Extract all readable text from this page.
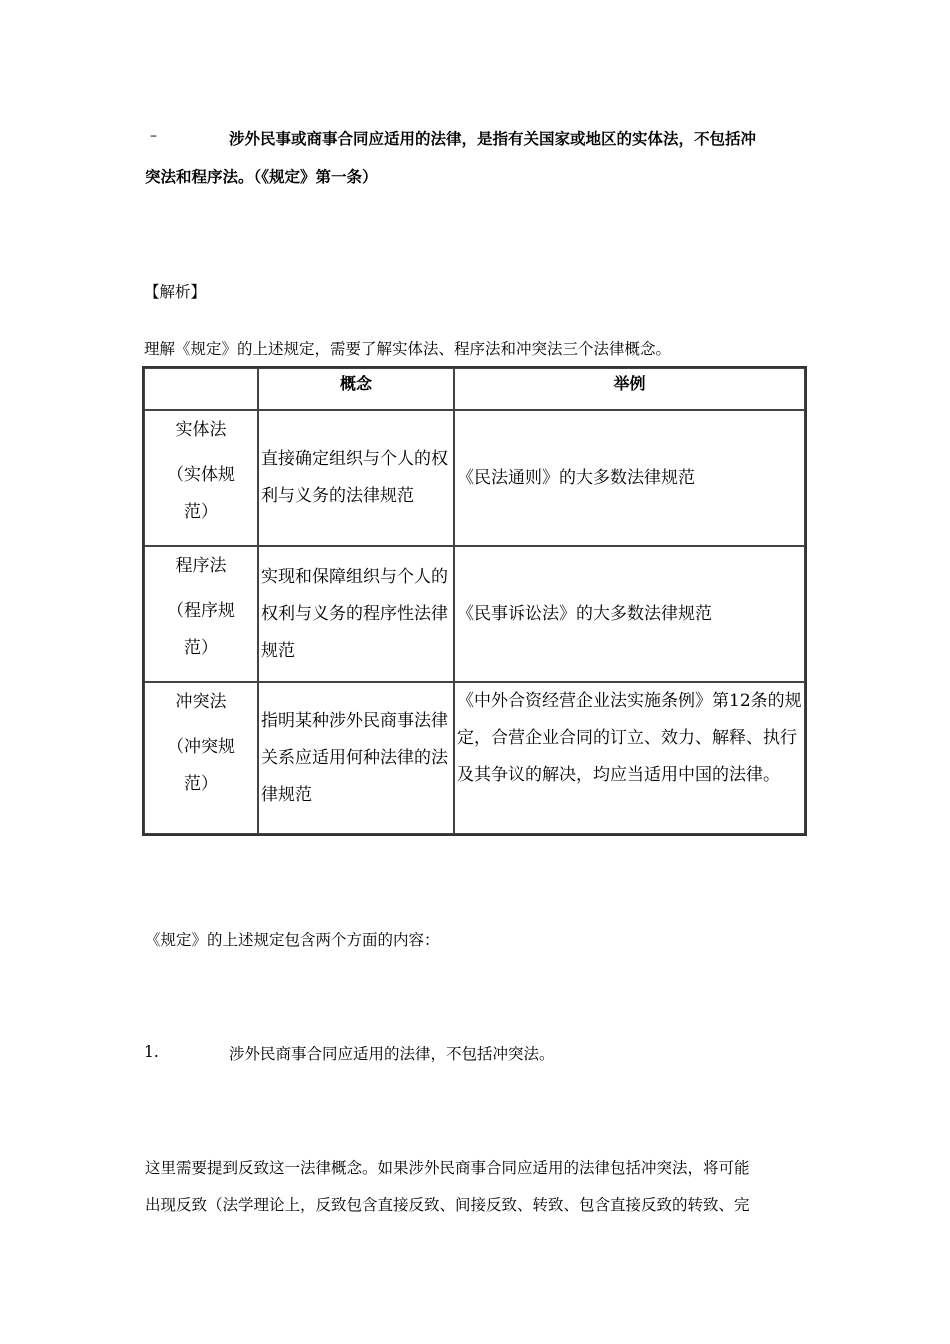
–	涉外民事或商事合同应适用的法律，是指有关国家或地区的实体法，不包括冲
突法和程序法。（《规定》第一条）
【解析】
理解《规定》的上述规定，需要了解实体法、程序法和冲突法三个法律概念。
	概念	举例

实体法
（实体规范）	直接确定组织与个人的权利与义务的法律规范	《民法通则》的大多数法律规范

程序法
（程序规范）	实现和保障组织与个人的权利与义务的程序性法律规范	《民事诉讼法》的大多数法律规范

冲突法
（冲突规范）	指明某种涉外民商事法律关系应适用何种法律的法律规范	《中外合资经营企业法实施条例》第12条的规定，合营企业合同的订立、效力、解释、执行及其争议的解决，均应当适用中国的法律。
《规定》的上述规定包含两个方面的内容：
1.	涉外民商事合同应适用的法律，不包括冲突法。
这里需要提到反致这一法律概念。如果涉外民商事合同应适用的法律包括冲突法，将可能
出现反致（法学理论上，反致包含直接反致、间接反致、转致、包含直接反致的转致、完
